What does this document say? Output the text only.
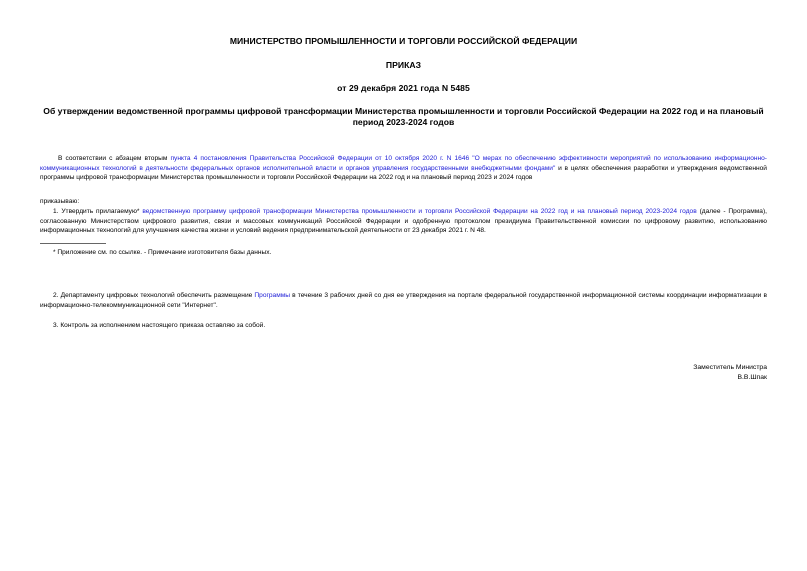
МИНИСТЕРСТВО ПРОМЫШЛЕННОСТИ И ТОРГОВЛИ РОССИЙСКОЙ ФЕДЕРАЦИИ
ПРИКАЗ
от 29 декабря 2021 года N 5485
Об утверждении ведомственной программы цифровой трансформации Министерства промышленности и торговли Российской Федерации на 2022 год и на плановый период 2023-2024 годов
В соответствии с абзацем вторым пункта 4 постановления Правительства Российской Федерации от 10 октября 2020 г. N 1646 "О мерах по обеспечению эффективности мероприятий по использованию информационно-коммуникационных технологий в деятельности федеральных органов исполнительной власти и органов управления государственными внебюджетными фондами" и в целях обеспечения разработки и утверждения ведомственной программы цифровой трансформации Министерства промышленности и торговли Российской Федерации на 2022 год и на плановый период 2023 и 2024 годов
приказываю:
1. Утвердить прилагаемую* ведомственную программу цифровой трансформации Министерства промышленности и торговли Российской Федерации на 2022 год и на плановый период 2023-2024 годов (далее - Программа), согласованную Министерством цифрового развития, связи и массовых коммуникаций Российской Федерации и одобренную протоколом президиума Правительственной комиссии по цифровому развитию, использованию информационных технологий для улучшения качества жизни и условий ведения предпринимательской деятельности от 23 декабря 2021 г. N 48.
* Приложение см. по ссылке. - Примечание изготовителя базы данных.
2. Департаменту цифровых технологий обеспечить размещение Программы в течение 3 рабочих дней со дня ее утверждения на портале федеральной государственной информационной системы координации информатизации в информационно-телекоммуникационной сети "Интернет".
3. Контроль за исполнением настоящего приказа оставляю за собой.
Заместитель Министра
В.В.Шпак
